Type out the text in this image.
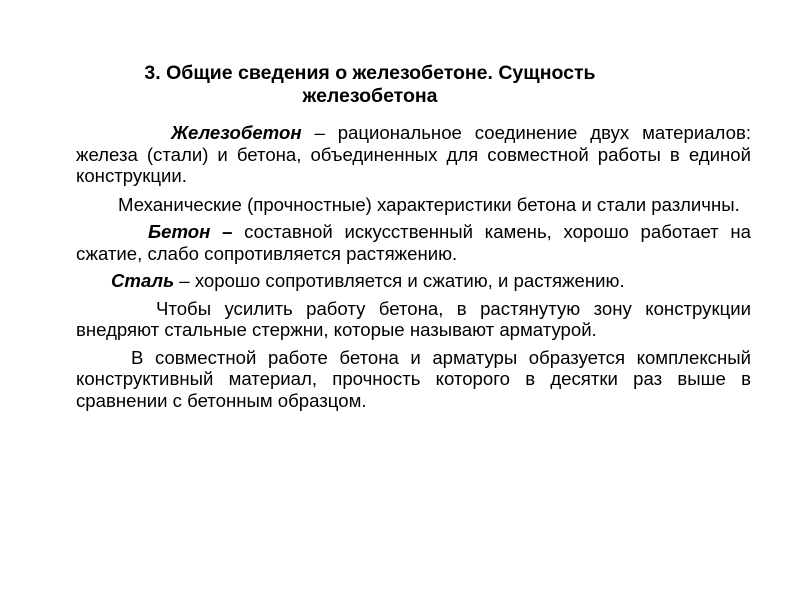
3. Общие сведения о железобетоне. Сущность
железобетона

Железобетон – рациональное соединение двух материалов: железа (стали) и бетона, объединенных для совместной работы в единой конструкции.

Механические (прочностные) характеристики бетона и стали различны.

Бетон – составной искусственный камень, хорошо работает на сжатие, слабо сопротивляется растяжению.

Сталь – хорошо сопротивляется и сжатию, и растяжению.

Чтобы усилить работу бетона, в растянутую зону конструкции внедряют стальные стержни, которые называют арматурой.

В совместной работе бетона и арматуры образуется комплексный конструктивный материал, прочность которого в десятки раз выше в сравнении с бетонным образцом.
